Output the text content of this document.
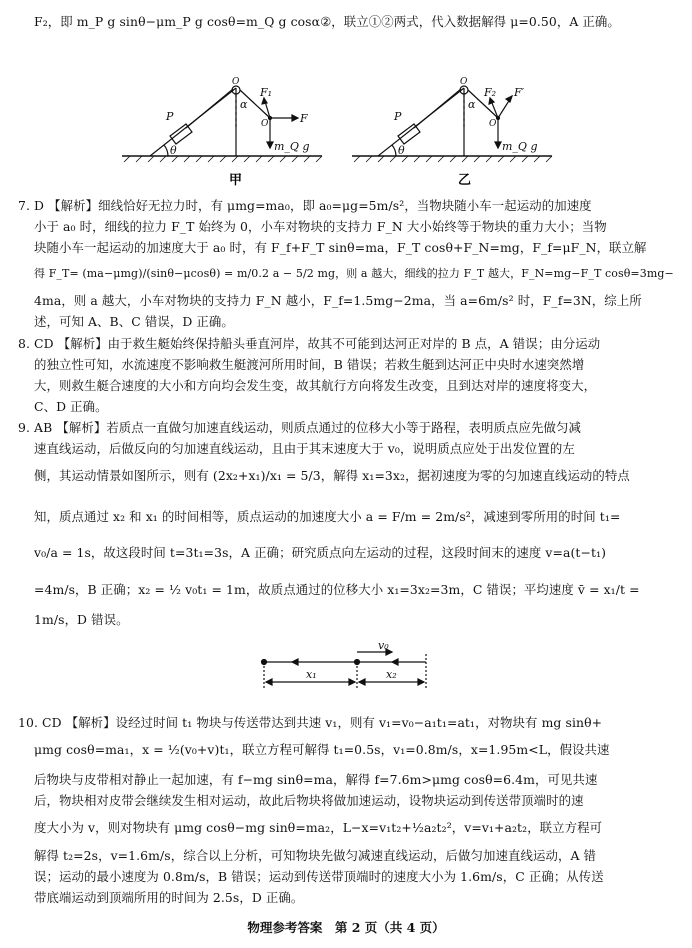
F₂，即 m_P g sinθ−μm_P g cosθ=m_Q g cosα②，联立①②两式，代入数据解得 μ=0.50，A 正确。
P
θ
α
O
O
F₁
F
m_Q g
P
θ
α
O
O
F₂ F′
m_Q g
甲	乙
7. D 【解析】细线恰好无拉力时，有 μmg=ma₀，即 a₀=μg=5m/s²，当物块随小车一起运动的加速度
小于 a₀ 时，细线的拉力 F_T 始终为 0，小车对物块的支持力 F_N 大小始终等于物块的重力大小；当物
块随小车一起运动的加速度大于 a₀ 时，有 F_f+F_T sinθ=ma，F_T cosθ+F_N=mg，F_f=μF_N，联立解
得 F_T= (ma−μmg)/(sinθ−μcosθ) = m/0.2 a − 5/2 mg，则 a 越大，细线的拉力 F_T 越大，F_N=mg−F_T cosθ=3mg−
4ma，则 a 越大，小车对物块的支持力 F_N 越小，F_f=1.5mg−2ma，当 a=6m/s² 时，F_f=3N，综上所
述，可知 A、B、C 错误，D 正确。
8. CD 【解析】由于救生艇始终保持船头垂直河岸，故其不可能到达河正对岸的 B 点，A 错误；由分运动
的独立性可知，水流速度不影响救生艇渡河所用时间，B 错误；若救生艇到达河正中央时水速突然增
大，则救生艇合速度的大小和方向均会发生变，故其航行方向将发生改变，且到达对岸的速度将变大，
C、D 正确。
9. AB 【解析】若质点一直做匀加速直线运动，则质点通过的位移大小等于路程，表明质点应先做匀减
速直线运动，后做反向的匀加速直线运动，且由于其末速度大于 v₀，说明质点应处于出发位置的左
侧，其运动情景如图所示，则有 (2x₂+x₁)/x₁ = 5/3，解得 x₁=3x₂，据初速度为零的匀加速直线运动的特点
知，质点通过 x₂ 和 x₁ 的时间相等，质点运动的加速度大小 a = F/m = 2m/s²，减速到零所用的时间 t₁=
v₀/a = 1s，故这段时间 t=3t₁=3s，A 正确；研究质点向左运动的过程，这段时间末的速度 v=a(t−t₁)
=4m/s，B 正确；x₂ = ½ v₀t₁ = 1m，故质点通过的位移大小 x₁=3x₂=3m，C 错误；平均速度 v̄ = x₁/t =
1m/s，D 错误。
v₀
x₁	x₂
10. CD 【解析】设经过时间 t₁ 物块与传送带达到共速 v₁，则有 v₁=v₀−a₁t₁=at₁，对物块有 mg sinθ+
μmg cosθ=ma₁，x = ½(v₀+v)t₁，联立方程可解得 t₁=0.5s，v₁=0.8m/s，x=1.95m<L，假设共速
后物块与皮带相对静止一起加速，有 f−mg sinθ=ma，解得 f=7.6m>μmg cosθ=6.4m，可见共速
后，物块相对皮带会继续发生相对运动，故此后物块将做加速运动，设物块运动到传送带顶端时的速
度大小为 v，则对物块有 μmg cosθ−mg sinθ=ma₂，L−x=v₁t₂+½a₂t₂²，v=v₁+a₂t₂，联立方程可
解得 t₂=2s，v=1.6m/s，综合以上分析，可知物块先做匀减速直线运动，后做匀加速直线运动，A 错
误；运动的最小速度为 0.8m/s，B 错误；运动到传送带顶端时的速度大小为 1.6m/s，C 正确；从传送
带底端运动到顶端所用的时间为 2.5s，D 正确。
物理参考答案　第 2 页（共 4 页）
